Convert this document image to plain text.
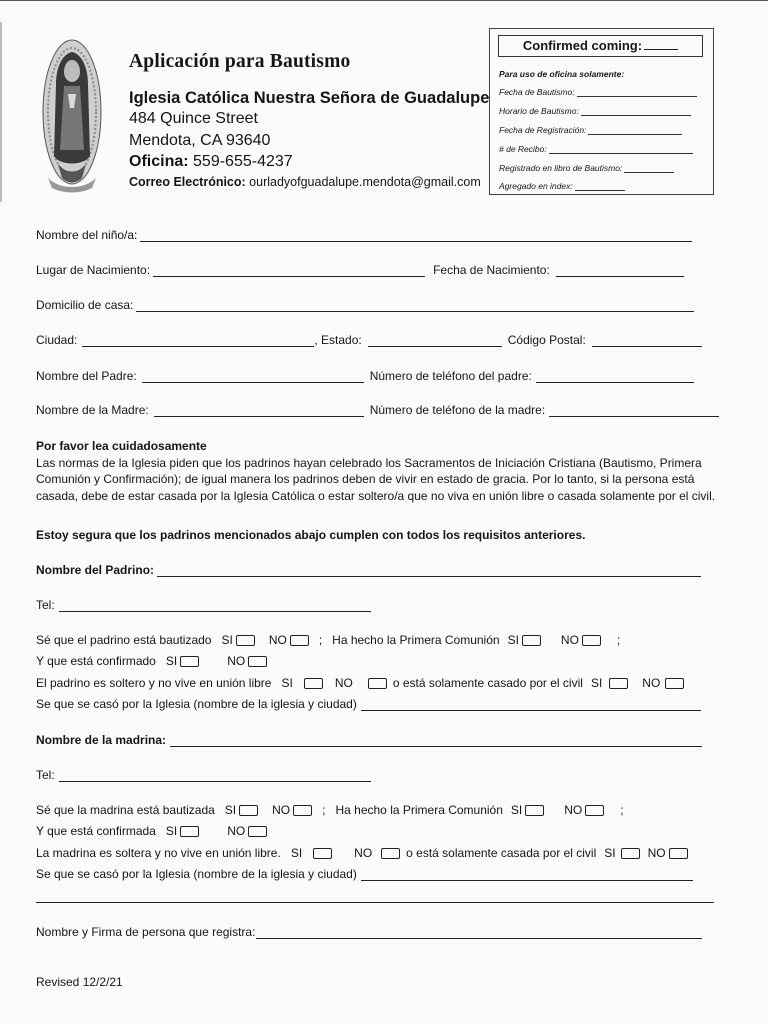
Aplicación para Bautismo
Iglesia Católica Nuestra Señora de Guadalupe
484 Quince Street
Mendota, CA 93640
Oficina: 559-655-4237
Correo Electrónico: ourladyofguadalupe.mendota@gmail.com
Confirmed coming:
Para uso de oficina solamente:
Fecha de Bautismo:
Horario de Bautismo:
Fecha de Registración:
# de Recibo:
Registrado en libro de Bautismo:
Agregado en index:
Nombre del niño/a:
Lugar de Nacimiento:	Fecha de Nacimiento:
Domicilio de casa:
Ciudad:	, Estado:	Código Postal:
Nombre del Padre:	Número de teléfono del padre:
Nombre de la Madre:	Número de teléfono de la madre:
Por favor lea cuidadosamente
Las normas de la Iglesia piden que los padrinos hayan celebrado los Sacramentos de Iniciación Cristiana (Bautismo, Primera Comunión y Confirmación); de igual manera los padrinos deben de vivir en estado de gracia. Por lo tanto, si la persona está casada, debe de estar casada por la Iglesia Católica o estar soltero/a que no viva en unión libre o casada solamente por el civil.
Estoy segura que los padrinos mencionados abajo cumplen con todos los requisitos anteriores.
Nombre del Padrino:
Tel:
Sé que el padrino está bautizado SI	NO	; Ha hecho la Primera Comunión SI	NO	;
Y que está confirmado SI	NO
El padrino es soltero y no vive en unión libre SI	NO	o está solamente casado por el civil SI	NO
Se que se casó por la Iglesia (nombre de la iglesia y ciudad)
Nombre de la madrina:
Tel:
Sé que la madrina está bautizada SI	NO	; Ha hecho la Primera Comunión SI	NO	;
Y que está confirmada SI	NO
La madrina es soltera y no vive en unión libre. SI	NO	o está solamente casada por el civil SI	NO
Se que se casó por la Iglesia (nombre de la iglesia y ciudad)
Nombre y Firma de persona que registra:
Revised 12/2/21
